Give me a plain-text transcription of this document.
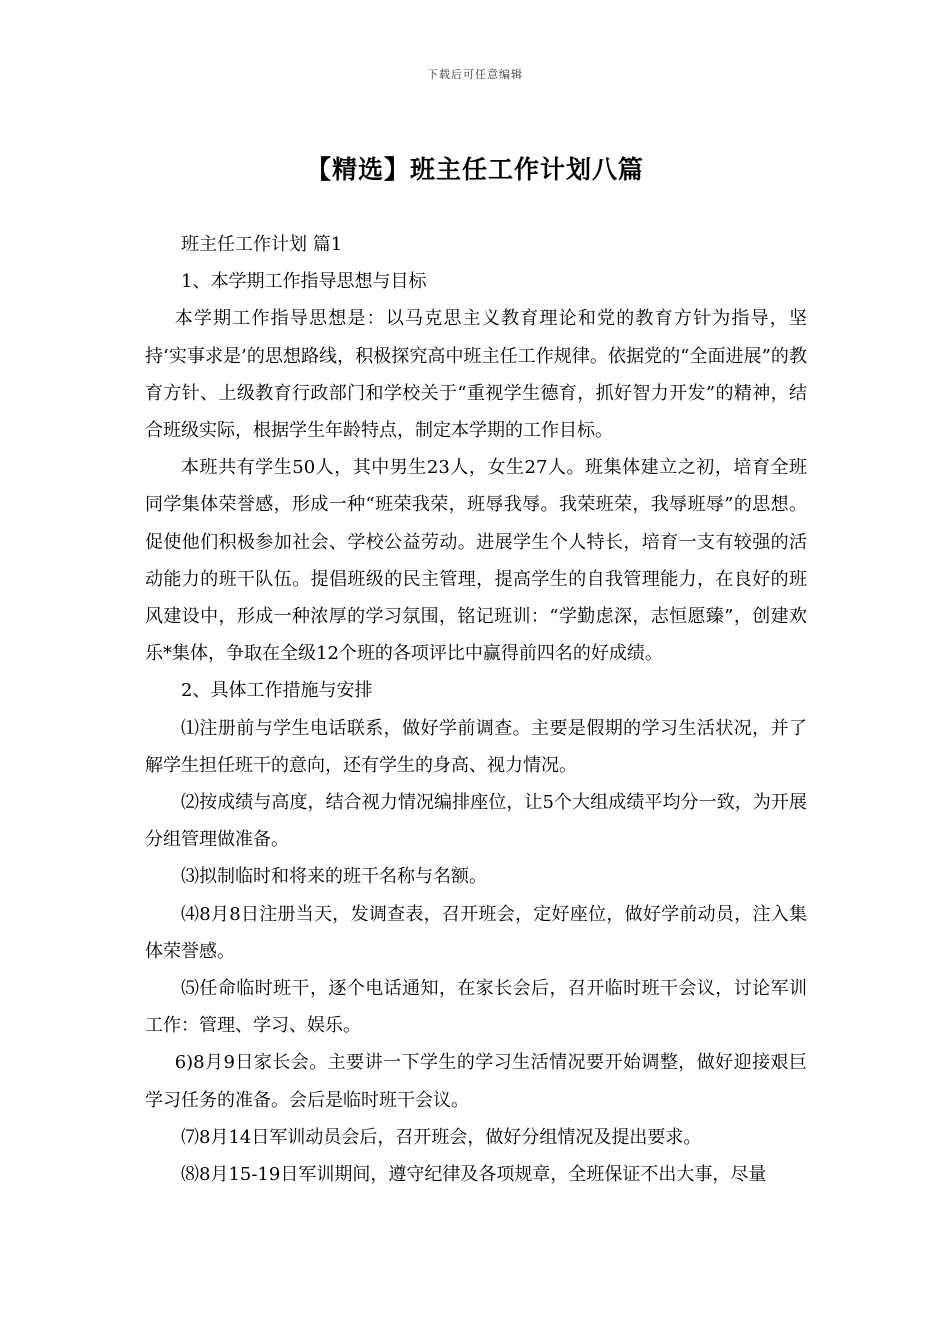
下载后可任意编辑
【精选】班主任工作计划八篇

班主任工作计划 篇1

1、本学期工作指导思想与目标

本学期工作指导思想是：以马克思主义教育理论和党的教育方针为指导，坚持‘实事求是’的思想路线，积极探究高中班主任工作规律。依据党的“全面进展”的教育方针、上级教育行政部门和学校关于“重视学生德育，抓好智力开发”的精神，结合班级实际，根据学生年龄特点，制定本学期的工作目标。

本班共有学生50人，其中男生23人，女生27人。班集体建立之初，培育全班同学集体荣誉感，形成一种“班荣我荣，班辱我辱。我荣班荣，我辱班辱”的思想。促使他们积极参加社会、学校公益劳动。进展学生个人特长，培育一支有较强的活动能力的班干队伍。提倡班级的民主管理，提高学生的自我管理能力，在良好的班风建设中，形成一种浓厚的学习氛围，铭记班训：“学勤虑深，志恒愿臻”，创建欢乐*集体，争取在全级12个班的各项评比中赢得前四名的好成绩。

2、具体工作措施与安排

⑴注册前与学生电话联系，做好学前调查。主要是假期的学习生活状况，并了解学生担任班干的意向，还有学生的身高、视力情况。

⑵按成绩与高度，结合视力情况编排座位，让5个大组成绩平均分一致，为开展分组管理做准备。

⑶拟制临时和将来的班干名称与名额。

⑷8月8日注册当天，发调查表，召开班会，定好座位，做好学前动员，注入集体荣誉感。

⑸任命临时班干，逐个电话通知，在家长会后，召开临时班干会议，讨论军训工作：管理、学习、娱乐。

6)8月9日家长会。主要讲一下学生的学习生活情况要开始调整，做好迎接艰巨学习任务的准备。会后是临时班干会议。

⑺8月14日军训动员会后，召开班会，做好分组情况及提出要求。

⑻8月15-19日军训期间，遵守纪律及各项规章，全班保证不出大事，尽量
